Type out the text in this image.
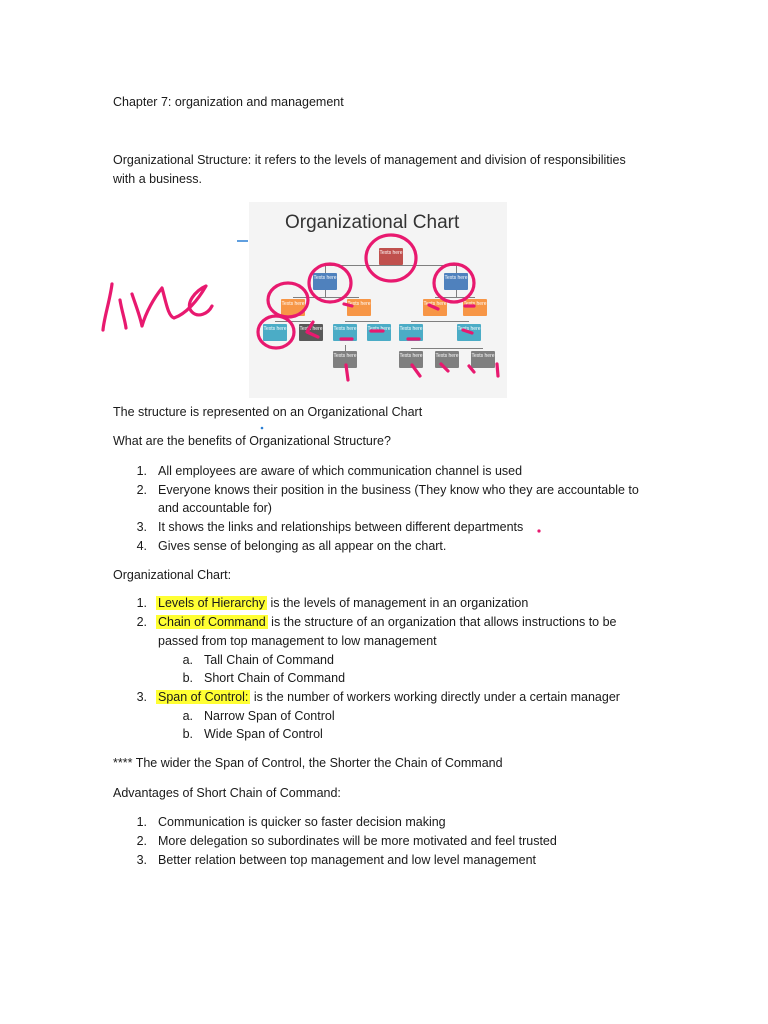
Chapter 7: organization and management
Organizational Structure: it refers to the levels of management and division of responsibilities
with a business.
Organizational Chart
Texts here
Texts here	Texts here
Texts here	Texts here	Texts here	Texts here
Texts here	Texts here Texts here Texts here Texts here	Texts here
Texts here	Texts here	Texts here	Texts here
The structure is represented on an Organizational Chart
What are the benefits of Organizational Structure?
1. All employees are aware of which communication channel is used
2. Everyone knows their position in the business (They know who they are accountable to
and accountable for)
3. It shows the links and relationships between different departments
4. Gives sense of belonging as all appear on the chart.
Organizational Chart:
1. Levels of Hierarchy is the levels of management in an organization
2. Chain of Command is the structure of an organization that allows instructions to be
passed from top management to low management
a. Tall Chain of Command
b. Short Chain of Command
3. Span of Control: is the number of workers working directly under a certain manager
a. Narrow Span of Control
b. Wide Span of Control
**** The wider the Span of Control, the Shorter the Chain of Command
Advantages of Short Chain of Command:
1. Communication is quicker so faster decision making
2. More delegation so subordinates will be more motivated and feel trusted
3. Better relation between top management and low level management
